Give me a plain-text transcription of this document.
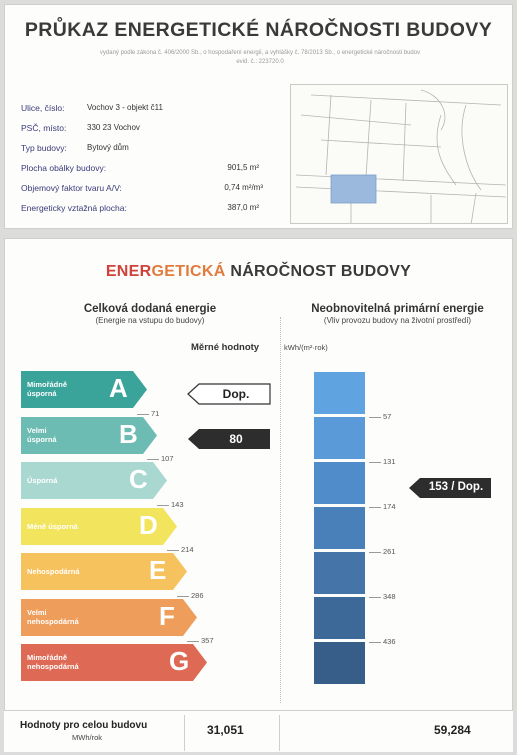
PRŮKAZ ENERGETICKÉ NÁROČNOSTI BUDOVY
vydaný podle zákona č. 406/2000 Sb., o hospodaření energií, a vyhlášky č. 78/2013 Sb., o energetické náročnosti budov
evid. č.: 223720.0
Ulice, číslo:	Vochov 3 - objekt č11
PSČ, místo:	330 23 Vochov
Typ budovy:	Bytový dům
Plocha obálky budovy:	901,5 m²
Objemový faktor tvaru A/V:	0,74 m²/m³
Energeticky vztažná plocha:	387,0 m²
ENERGETICKÁ NÁROČNOST BUDOVY
Celková dodaná energie
(Energie na vstupu do budovy)
Neobnovitelná primární energie
(Vliv provozu budovy na životní prostředí)
Měrné hodnoty	kWh/(m²·rok)
Mimořádně
úsporná	A
Velmi
úsporná B
Úsporná	C
Méně úsporná D
Nehospodárná	E
Velmi
nehospodárná	F
Mimořádně
nehospodárná	G
71
107
143
214
286
357
Dop.
80
57
131
174
261
348
436
153 / Dop.
Hodnoty pro celou budovu
MWh/rok
31,051	59,284
